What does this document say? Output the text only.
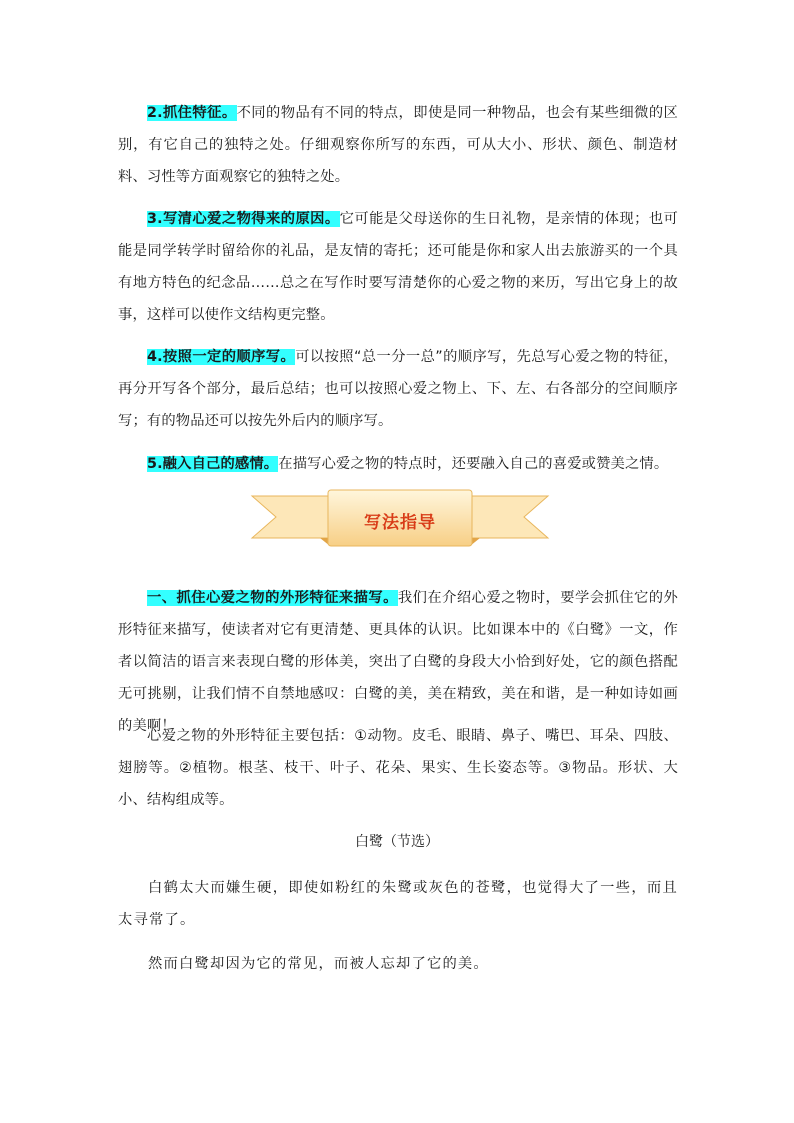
2.抓住特征。不同的物品有不同的特点，即使是同一种物品，也会有某些细微的区别，有它自己的独特之处。仔细观察你所写的东西，可从大小、形状、颜色、制造材料、习性等方面观察它的独特之处。

3.写清心爱之物得来的原因。它可能是父母送你的生日礼物，是亲情的体现；也可能是同学转学时留给你的礼品，是友情的寄托；还可能是你和家人出去旅游买的一个具有地方特色的纪念品……总之在写作时要写清楚你的心爱之物的来历，写出它身上的故事，这样可以使作文结构更完整。

4.按照一定的顺序写。可以按照“总一分一总”的顺序写，先总写心爱之物的特征，再分开写各个部分，最后总结；也可以按照心爱之物上、下、左、右各部分的空间顺序写；有的物品还可以按先外后内的顺序写。

5.融入自己的感情。在描写心爱之物的特点时，还要融入自己的喜爱或赞美之情。

写法指导

一、抓住心爱之物的外形特征来描写。我们在介绍心爱之物时，要学会抓住它的外形特征来描写，使读者对它有更清楚、更具体的认识。比如课本中的《白鹭》一文，作者以简洁的语言来表现白鹭的形体美，突出了白鹭的身段大小恰到好处，它的颜色搭配无可挑剔，让我们情不自禁地感叹：白鹭的美，美在精致，美在和谐，是一种如诗如画的美啊！

心爱之物的外形特征主要包括：①动物。皮毛、眼睛、鼻子、嘴巴、耳朵、四肢、翅膀等。②植物。根茎、枝干、叶子、花朵、果实、生长姿态等。③物品。形状、大小、结构组成等。

白鹭（节选）

白鹤太大而嫌生硬，即使如粉红的朱鹭或灰色的苍鹭，也觉得大了一些，而且太寻常了。

然而白鹭却因为它的常见，而被人忘却了它的美。
